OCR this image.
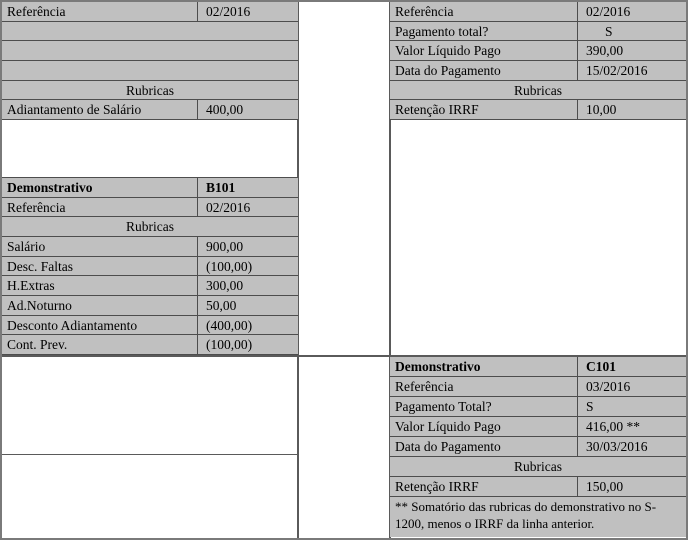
Referência	02/2016
Rubricas
Adiantamento de Salário	400,00
Referência	02/2016
Pagamento total?	S
Valor Líquido Pago	390,00
Data do Pagamento	15/02/2016
Rubricas
Retenção IRRF	10,00
Demonstrativo	B101
Referência	02/2016
Rubricas
Salário	900,00
Desc. Faltas	(100,00)
H.Extras	300,00
Ad.Noturno	50,00
Desconto Adiantamento	(400,00)
Cont. Prev.	(100,00)
Demonstrativo	C101
Referência	03/2016
Pagamento Total?	S
Valor Líquido Pago	416,00 **
Data do Pagamento	30/03/2016
Rubricas
Retenção IRRF	150,00
** Somatório das rubricas do demonstrativo no S-1200, menos o IRRF da linha anterior.
